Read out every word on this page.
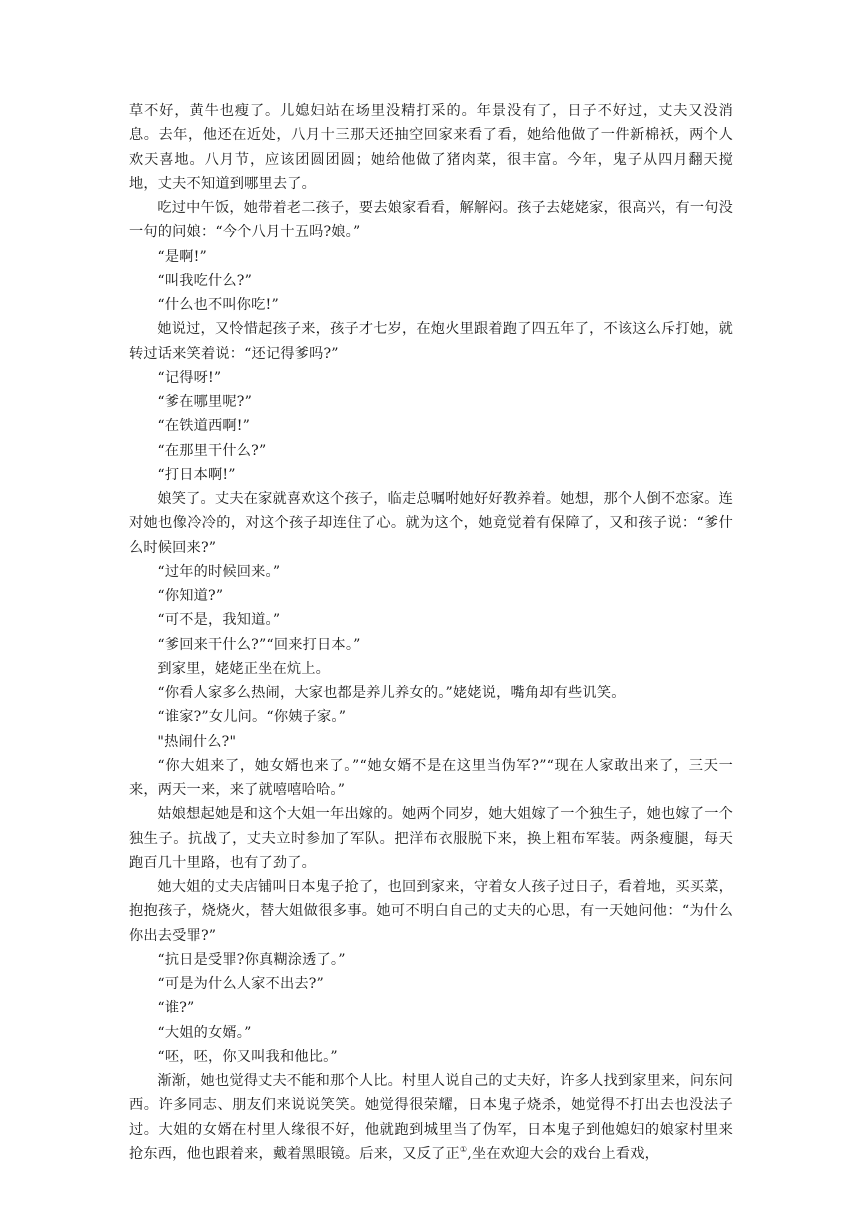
草不好，黄牛也瘦了。儿媳妇站在场里没精打采的。年景没有了，日子不好过，丈夫又没消息。去年，他还在近处，八月十三那天还抽空回家来看了看，她给他做了一件新棉袄，两个人欢天喜地。八月节，应该团圆团圆；她给他做了猪肉菜，很丰富。今年，鬼子从四月翻天搅地，丈夫不知道到哪里去了。

吃过中午饭，她带着老二孩子，要去娘家看看，解解闷。孩子去姥姥家，很高兴，有一句没一句的问娘：“今个八月十五吗?娘。”

“是啊!”

“叫我吃什么?”

“什么也不叫你吃!”

她说过，又怜惜起孩子来，孩子才七岁，在炮火里跟着跑了四五年了，不该这么斥打她，就转过话来笑着说：“还记得爹吗?”

“记得呀!”

“爹在哪里呢?”

“在铁道西啊!”

“在那里干什么?”

“打日本啊!”

娘笑了。丈夫在家就喜欢这个孩子，临走总嘱咐她好好教养着。她想，那个人倒不恋家。连对她也像冷冷的，对这个孩子却连住了心。就为这个，她竟觉着有保障了，又和孩子说：“爹什么时候回来?”

“过年的时候回来。”

“你知道?”

“可不是，我知道。”

“爹回来干什么?”“回来打日本。”

到家里，姥姥正坐在炕上。

“你看人家多么热闹，大家也都是养儿养女的。”姥姥说，嘴角却有些讥笑。

“谁家?”女儿问。“你姨子家。”

"热闹什么?"

“你大姐来了，她女婿也来了。”“她女婿不是在这里当伪军?”“现在人家敢出来了，三天一来，两天一来，来了就嘻嘻哈哈。”

姑娘想起她是和这个大姐一年出嫁的。她两个同岁，她大姐嫁了一个独生子，她也嫁了一个独生子。抗战了，丈夫立时参加了军队。把洋布衣服脱下来，换上粗布军装。两条瘦腿，每天跑百几十里路，也有了劲了。

她大姐的丈夫店铺叫日本鬼子抢了，也回到家来，守着女人孩子过日子，看着地，买买菜，抱抱孩子，烧烧火，替大姐做很多事。她可不明白自己的丈夫的心思，有一天她问他：“为什么你出去受罪?”

“抗日是受罪?你真糊涂透了。”

“可是为什么人家不出去?”

“谁?”

“大姐的女婿。”

“呸，呸，你又叫我和他比。”

渐渐，她也觉得丈夫不能和那个人比。村里人说自己的丈夫好，许多人找到家里来，问东问西。许多同志、朋友们来说说笑笑。她觉得很荣耀，日本鬼子烧杀，她觉得不打出去也没法子过。大姐的女婿在村里人缘很不好，他就跑到城里当了伪军，日本鬼子到他媳妇的娘家村里来抢东西，他也跟着来，戴着黑眼镜。后来，又反了正①,坐在欢迎大会的戏台上看戏，
